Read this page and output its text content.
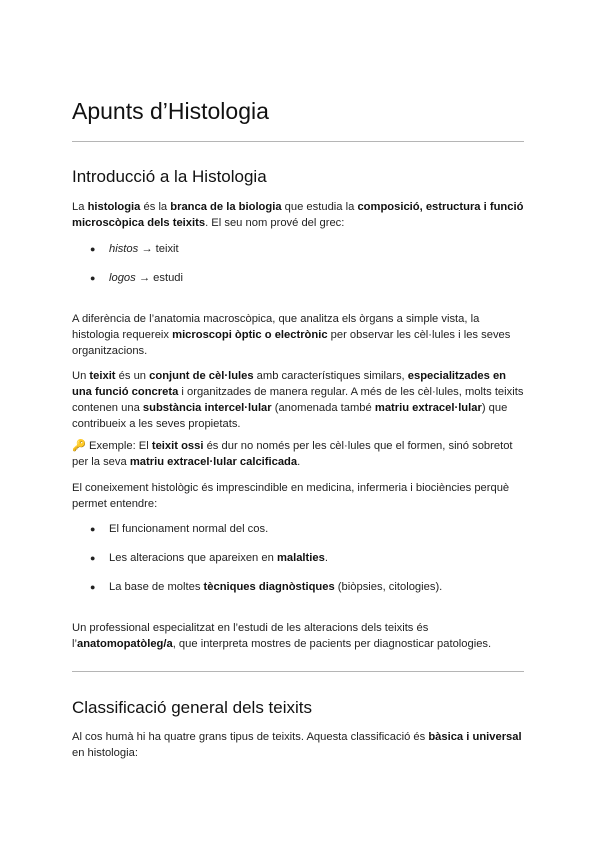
Apunts d’Histologia
Introducció a la Histologia

La histologia és la branca de la biologia que estudia la composició, estructura i funció microscòpica dels teixits. El seu nom prové del grec:

● histos → teixit
● logos → estudi

A diferència de l’anatomia macroscòpica, que analitza els òrgans a simple vista, la histologia requereix microscopi òptic o electrònic per observar les cèl·lules i les seves organitzacions.

Un teixit és un conjunt de cèl·lules amb característiques similars, especialitzades en una funció concreta i organitzades de manera regular. A més de les cèl·lules, molts teixits contenen una substància intercel·lular (anomenada també matriu extracel·lular) que contribueix a les seves propietats.

🔑 Exemple: El teixit ossi és dur no només per les cèl·lules que el formen, sinó sobretot per la seva matriu extracel·lular calcificada.

El coneixement histològic és imprescindible en medicina, infermeria i biociències perquè permet entendre:

● El funcionament normal del cos.
● Les alteracions que apareixen en malalties.
● La base de moltes tècniques diagnòstiques (biòpsies, citologies).

Un professional especialitzat en l’estudi de les alteracions dels teixits és l’anatomopatòleg/a, que interpreta mostres de pacients per diagnosticar patologies.

Classificació general dels teixits

Al cos humà hi ha quatre grans tipus de teixits. Aquesta classificació és bàsica i universal en histologia:
